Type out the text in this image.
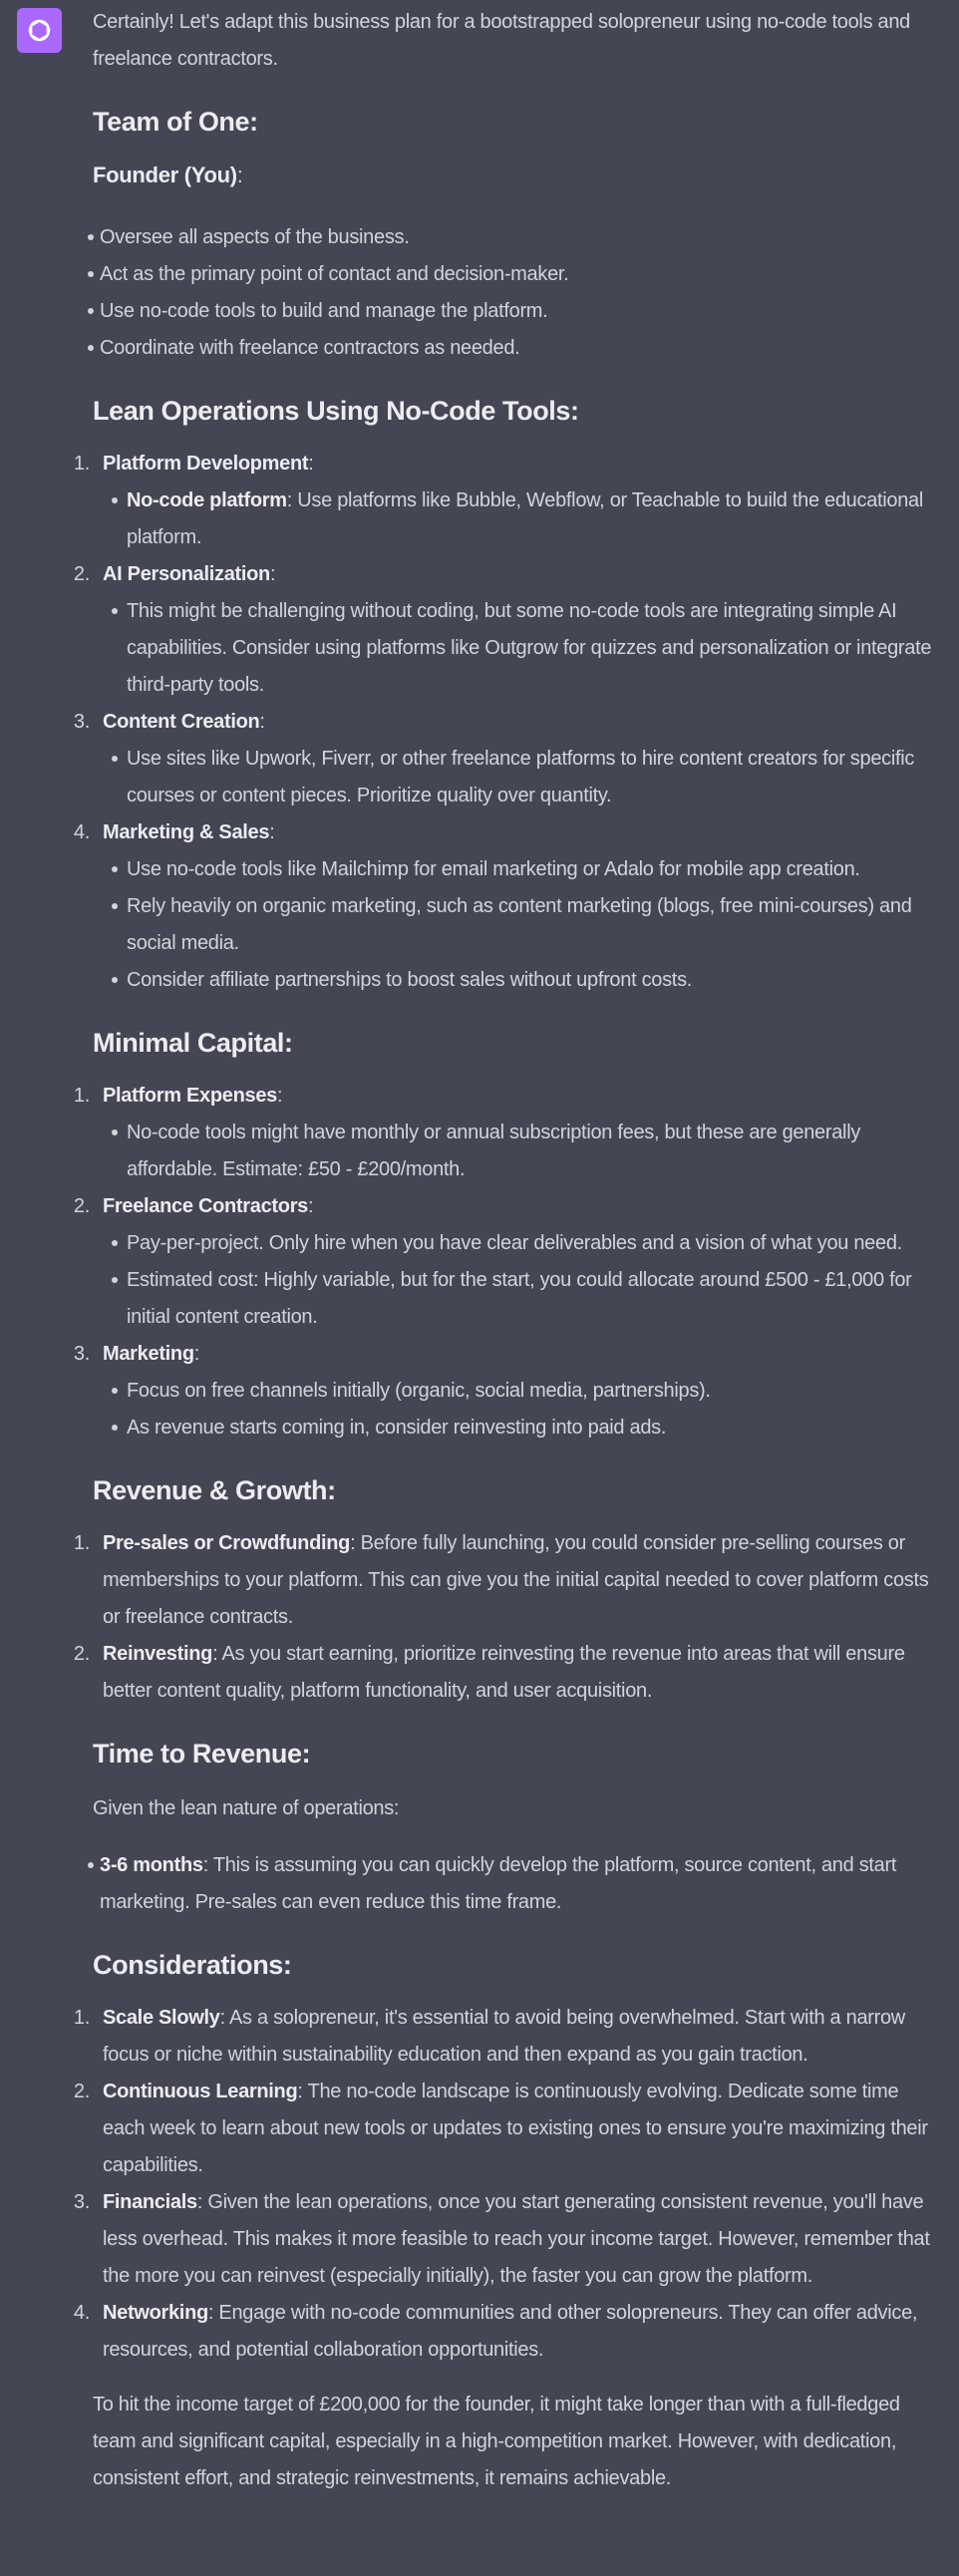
Certainly! Let's adapt this business plan for a bootstrapped solopreneur using no-code tools and freelance contractors.

Team of One:
Founder (You):
Oversee all aspects of the business.
Act as the primary point of contact and decision-maker.
Use no-code tools to build and manage the platform.
Coordinate with freelance contractors as needed.
Lean Operations Using No-Code Tools:
1. Platform Development:
No-code platform: Use platforms like Bubble, Webflow, or Teachable to build the educational platform.
2. AI Personalization:
This might be challenging without coding, but some no-code tools are integrating simple AI capabilities. Consider using platforms like Outgrow for quizzes and personalization or integrate third-party tools.
3. Content Creation:
Use sites like Upwork, Fiverr, or other freelance platforms to hire content creators for specific courses or content pieces. Prioritize quality over quantity.
4. Marketing & Sales:
Use no-code tools like Mailchimp for email marketing or Adalo for mobile app creation.
Rely heavily on organic marketing, such as content marketing (blogs, free mini-courses) and social media.
Consider affiliate partnerships to boost sales without upfront costs.
Minimal Capital:
1. Platform Expenses:
No-code tools might have monthly or annual subscription fees, but these are generally affordable. Estimate: £50 - £200/month.
2. Freelance Contractors:
Pay-per-project. Only hire when you have clear deliverables and a vision of what you need.
Estimated cost: Highly variable, but for the start, you could allocate around £500 - £1,000 for initial content creation.
3. Marketing:
Focus on free channels initially (organic, social media, partnerships).
As revenue starts coming in, consider reinvesting into paid ads.
Revenue & Growth:
1. Pre-sales or Crowdfunding: Before fully launching, you could consider pre-selling courses or memberships to your platform. This can give you the initial capital needed to cover platform costs or freelance contracts.
2. Reinvesting: As you start earning, prioritize reinvesting the revenue into areas that will ensure better content quality, platform functionality, and user acquisition.
Time to Revenue:

Given the lean nature of operations:

3-6 months: This is assuming you can quickly develop the platform, source content, and start marketing. Pre-sales can even reduce this time frame.
Considerations:
1. Scale Slowly: As a solopreneur, it's essential to avoid being overwhelmed. Start with a narrow focus or niche within sustainability education and then expand as you gain traction.
2. Continuous Learning: The no-code landscape is continuously evolving. Dedicate some time each week to learn about new tools or updates to existing ones to ensure you're maximizing their capabilities.
3. Financials: Given the lean operations, once you start generating consistent revenue, you'll have less overhead. This makes it more feasible to reach your income target. However, remember that the more you can reinvest (especially initially), the faster you can grow the platform.
4. Networking: Engage with no-code communities and other solopreneurs. They can offer advice, resources, and potential collaboration opportunities.

To hit the income target of £200,000 for the founder, it might take longer than with a full-fledged team and significant capital, especially in a high-competition market. However, with dedication, consistent effort, and strategic reinvestments, it remains achievable.
